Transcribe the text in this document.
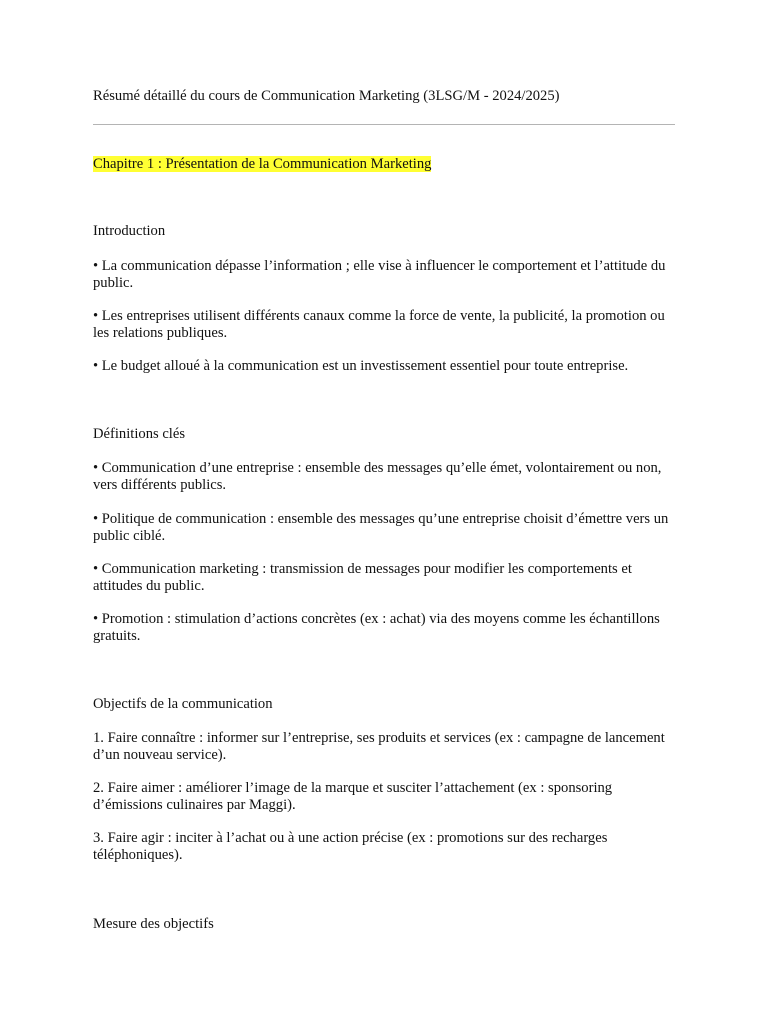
Résumé détaillé du cours de Communication Marketing (3LSG/M - 2024/2025)
Chapitre 1 : Présentation de la Communication Marketing
Introduction
• La communication dépasse l’information ; elle vise à influencer le comportement et l’attitude du public.
• Les entreprises utilisent différents canaux comme la force de vente, la publicité, la promotion ou les relations publiques.
• Le budget alloué à la communication est un investissement essentiel pour toute entreprise.
Définitions clés
• Communication d’une entreprise : ensemble des messages qu’elle émet, volontairement ou non, vers différents publics.
• Politique de communication : ensemble des messages qu’une entreprise choisit d’émettre vers un public ciblé.
• Communication marketing : transmission de messages pour modifier les comportements et attitudes du public.
• Promotion : stimulation d’actions concrètes (ex : achat) via des moyens comme les échantillons gratuits.
Objectifs de la communication
1. Faire connaître : informer sur l’entreprise, ses produits et services (ex : campagne de lancement d’un nouveau service).
2. Faire aimer : améliorer l’image de la marque et susciter l’attachement (ex : sponsoring d’émissions culinaires par Maggi).
3. Faire agir : inciter à l’achat ou à une action précise (ex : promotions sur des recharges téléphoniques).
Mesure des objectifs
